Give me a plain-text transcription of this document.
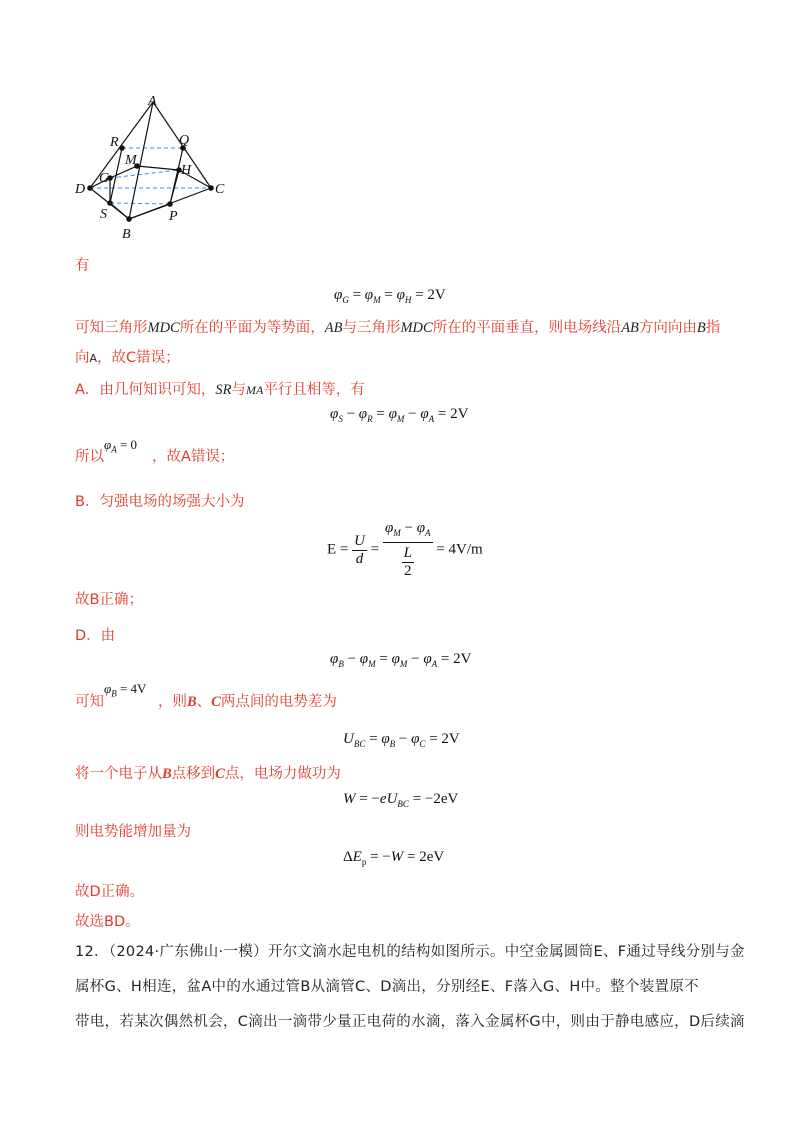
A
R	Q
M
H
G
D	C
S	P
B
有
$\varphi_G = \varphi_M = \varphi_H = 2V$
可知三角形MDC所在的平面为等势面，AB与三角形MDC所在的平面垂直，则电场线沿AB方向向由B指
向A，故C错误；
A．由几何知识可知，SR与MA平行且相等，有
$\varphi_S - \varphi_R = \varphi_M - \varphi_A = 2V$
所以
$\varphi_A = 0$
，故A错误；
B．匀强电场的场强大小为
$E = \frac{U}{d} = \frac{\varphi_M - \varphi_A}{\frac{L}{2}} = 4V/m$
故B正确；
D．由
$\varphi_B - \varphi_M = \varphi_M - \varphi_A = 2V$
可知
$\varphi_B = 4V$
，则B、C两点间的电势差为
$U_{BC} = \varphi_B - \varphi_C = 2V$
将一个电子从B点移到C点，电场力做功为
$W = -eU_{BC} = -2eV$
则电势能增加量为
$\Delta E_p = -W = 2eV$
故D正确。
故选BD。
12．（2024·广东佛山·一模）开尔文滴水起电机的结构如图所示。中空金属圆筒E、F通过导线分别与金
属杯G、H相连，盆A中的水通过管B从滴管C、D滴出，分别经E、F落入G、H中。整个装置原不
带电，若某次偶然机会，C滴出一滴带少量正电荷的水滴，落入金属杯G中，则由于静电感应，D后续滴
